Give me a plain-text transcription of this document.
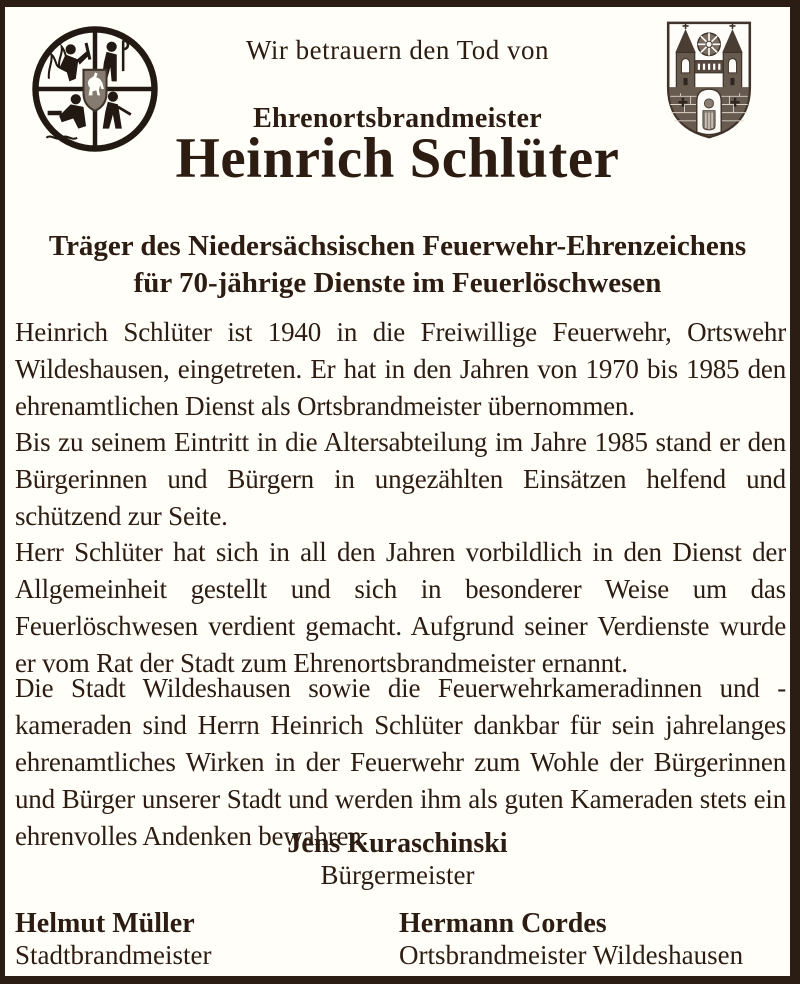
Wir betrauern den Tod von
Ehrenortsbrandmeister
Heinrich Schlüter
Träger des Niedersächsischen Feuerwehr-Ehrenzeichens
für 70-jährige Dienste im Feuerlöschwesen

Heinrich Schlüter ist 1940 in die Freiwillige Feuerwehr, Ortswehr Wildeshausen, eingetreten. Er hat in den Jahren von 1970 bis 1985 den ehrenamtlichen Dienst als Ortsbrandmeister übernommen.

Bis zu seinem Eintritt in die Altersabteilung im Jahre 1985 stand er den Bürgerinnen und Bürgern in ungezählten Einsätzen helfend und schützend zur Seite.

Herr Schlüter hat sich in all den Jahren vorbildlich in den Dienst der Allgemeinheit gestellt und sich in besonderer Weise um das Feuerlöschwesen verdient gemacht. Aufgrund seiner Verdienste wurde er vom Rat der Stadt zum Ehrenortsbrandmeister ernannt.

Die Stadt Wildeshausen sowie die Feuerwehrkameradinnen und -kameraden sind Herrn Heinrich Schlüter dankbar für sein jahrelanges ehrenamtliches Wirken in der Feuerwehr zum Wohle der Bürgerinnen und Bürger unserer Stadt und werden ihm als guten Kameraden stets ein ehrenvolles Andenken bewahren.

Jens Kuraschinski
Bürgermeister
Helmut Müller
Stadtbrandmeister
Hermann Cordes
Ortsbrandmeister Wildeshausen
